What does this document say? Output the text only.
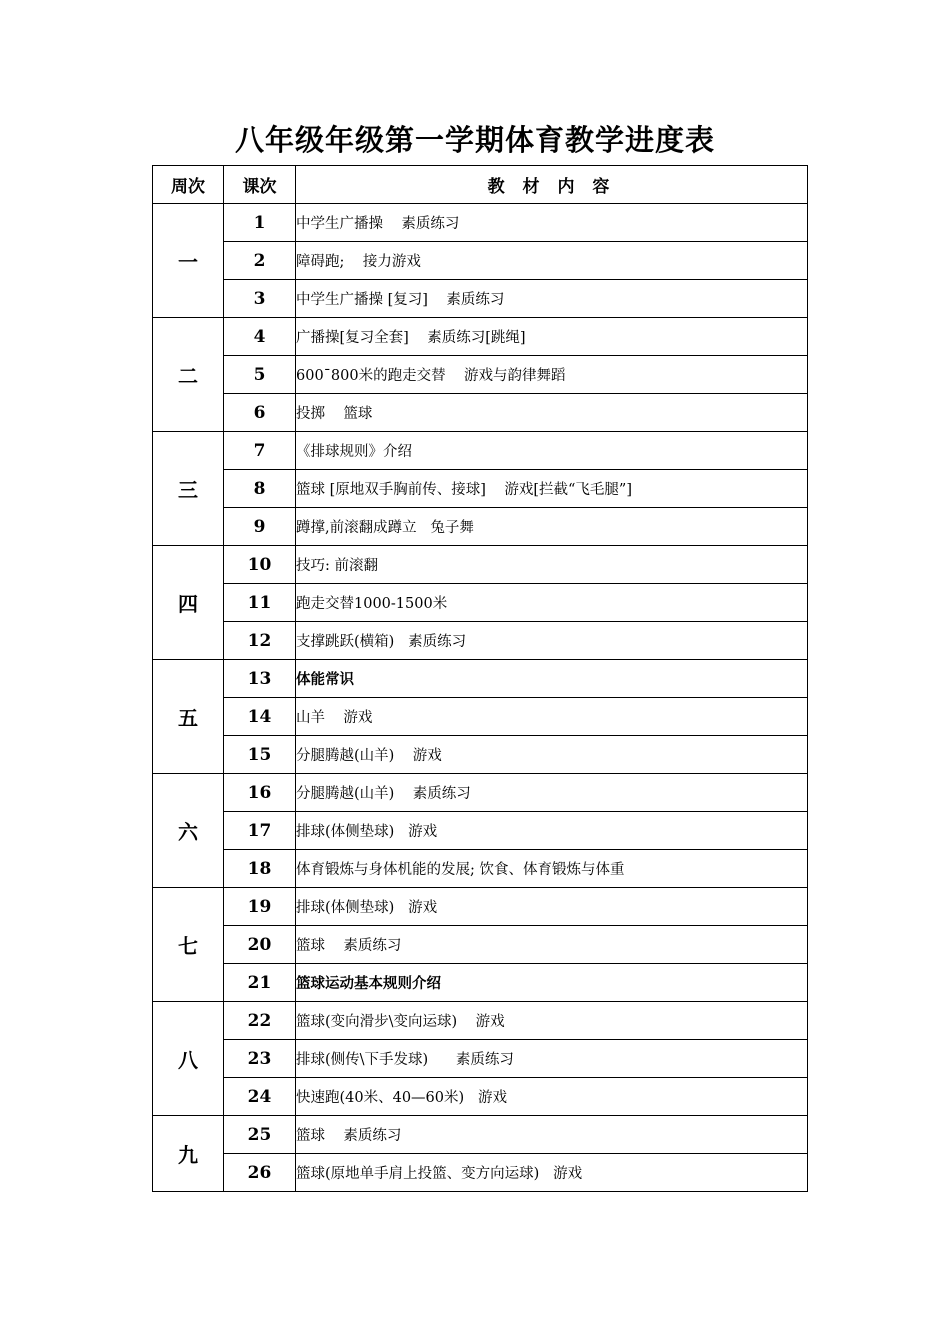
八年级年级第一学期体育教学进度表
周次	课次	教 材 内 容
一	1	中学生广播操    素质练习
	2	障碍跑;    接力游戏
	3	中学生广播操 [复习]    素质练习
二	4	广播操[复习全套]    素质练习[跳绳]
	5	600¯800米的跑走交替    游戏与韵律舞蹈
	6	投掷    篮球
三	7	《排球规则》介绍
	8	篮球 [原地双手胸前传、接球]    游戏[拦截“飞毛腿”]
	9	蹲撑,前滚翻成蹲立   兔子舞
四	10	技巧: 前滚翻
	11	跑走交替1000-1500米
	12	支撑跳跃(横箱)   素质练习
五	13	体能常识
	14	山羊    游戏
	15	分腿腾越(山羊)    游戏
六	16	分腿腾越(山羊)    素质练习
	17	排球(体侧垫球)   游戏
	18	体育锻炼与身体机能的发展; 饮食、体育锻炼与体重
七	19	排球(体侧垫球)   游戏
	20	篮球    素质练习
	21	篮球运动基本规则介绍
八	22	篮球(变向滑步\变向运球)    游戏
	23	排球(侧传\下手发球)      素质练习
	24	快速跑(40米、40—60米)   游戏
九	25	篮球    素质练习
	26	篮球(原地单手肩上投篮、变方向运球)   游戏
